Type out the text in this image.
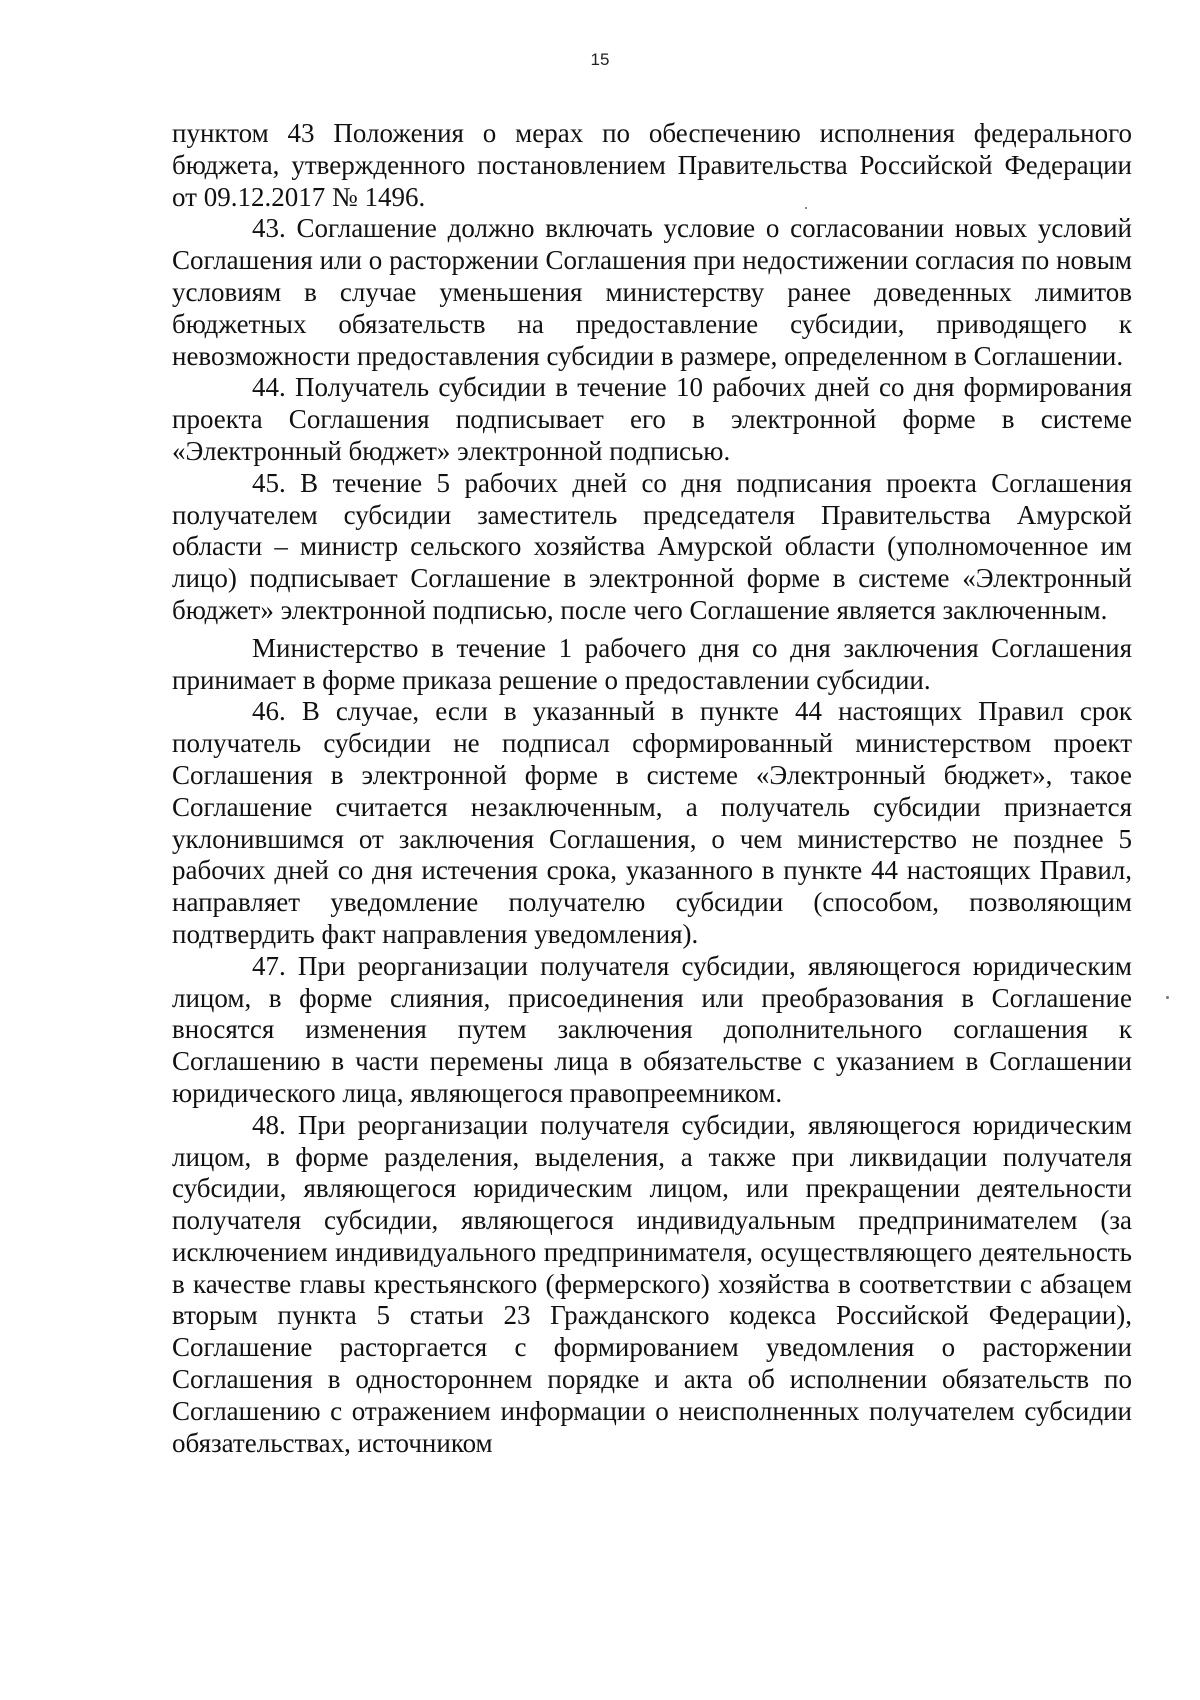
15

пунктом 43 Положения о мерах по обеспечению исполнения федерального бюджета, утвержденного постановлением Правительства Российской Федерации от 09.12.2017 № 1496.

43. Соглашение должно включать условие о согласовании новых условий Соглашения или о расторжении Соглашения при недостижении согласия по новым условиям в случае уменьшения министерству ранее доведенных лимитов бюджетных обязательств на предоставление субсидии, приводящего к невозможности предоставления субсидии в размере, определенном в Соглашении.

44. Получатель субсидии в течение 10 рабочих дней со дня формирования проекта Соглашения подписывает его в электронной форме в системе «Электронный бюджет» электронной подписью.

45. В течение 5 рабочих дней со дня подписания проекта Соглашения получателем субсидии заместитель председателя Правительства Амурской области – министр сельского хозяйства Амурской области (уполномоченное им лицо) подписывает Соглашение в электронной форме в системе «Электронный бюджет» электронной подписью, после чего Соглашение является заключенным.

Министерство в течение 1 рабочего дня со дня заключения Соглашения принимает в форме приказа решение о предоставлении субсидии.

46. В случае, если в указанный в пункте 44 настоящих Правил срок получатель субсидии не подписал сформированный министерством проект Соглашения в электронной форме в системе «Электронный бюджет», такое Соглашение считается незаключенным, а получатель субсидии признается уклонившимся от заключения Соглашения, о чем министерство не позднее 5 рабочих дней со дня истечения срока, указанного в пункте 44 настоящих Правил, направляет уведомление получателю субсидии (способом, позволяющим подтвердить факт направления уведомления).

47. При реорганизации получателя субсидии, являющегося юридическим лицом, в форме слияния, присоединения или преобразования в Соглашение вносятся изменения путем заключения дополнительного соглашения к Соглашению в части перемены лица в обязательстве с указанием в Соглашении юридического лица, являющегося правопреемником.

48. При реорганизации получателя субсидии, являющегося юридическим лицом, в форме разделения, выделения, а также при ликвидации получателя субсидии, являющегося юридическим лицом, или прекращении деятельности получателя субсидии, являющегося индивидуальным предпринимателем (за исключением индивидуального предпринимателя, осуществляющего деятельность в качестве главы крестьянского (фермерского) хозяйства в соответствии с абзацем вторым пункта 5 статьи 23 Гражданского кодекса Российской Федерации), Соглашение расторгается с формированием уведомления о расторжении Соглашения в одностороннем порядке и акта об исполнении обязательств по Соглашению с отражением информации о неисполненных получателем субсидии обязательствах, источником
